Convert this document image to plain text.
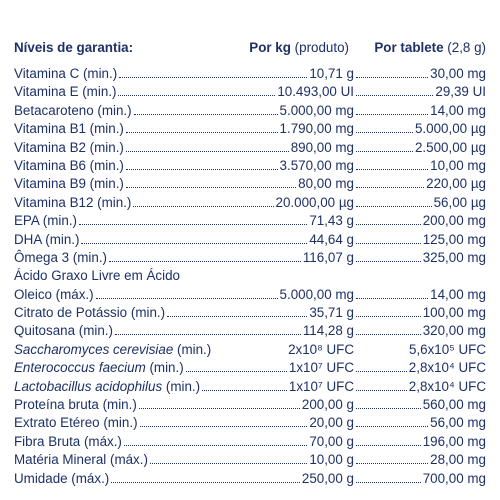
Níveis de garantia:	Por kg (produto)	Por tablete (2,8 g)
Vitamina C (min.)	10,71 g	30,00 mg
Vitamina E (min.)	10.493,00 UI	29,39 UI
Betacaroteno (min.)	5.000,00 mg	14,00 mg
Vitamina B1 (min.)	1.790,00 mg	5.000,00 µg
Vitamina B2 (min.)	890,00 mg	2.500,00 µg
Vitamina B6 (min.)	3.570,00 mg	10,00 mg
Vitamina B9 (min.)	80,00 mg	220,00 µg
Vitamina B12 (min.)	20.000,00 µg	56,00 µg
EPA (min.)	71,43 g	200,00 mg
DHA (min.)	44,64 g	125,00 mg
Ômega 3 (min.)	116,07 g	325,00 mg
Ácido Graxo Livre em Ácido
Oleico (máx.)	5.000,00 mg	14,00 mg
Citrato de Potássio (min.)	35,71 g	100,00 mg
Quitosana (min.)	114,28 g	320,00 mg
Saccharomyces cerevisiae (min.)	2x10⁸ UFC	5,6x10⁵ UFC
Enterococcus faecium (min.)	1x10⁷ UFC	2,8x10⁴ UFC
Lactobacillus acidophilus (min.)	1x10⁷ UFC	2,8x10⁴ UFC
Proteína bruta (min.)	200,00 g	560,00 mg
Extrato Etéreo (min.)	20,00 g	56,00 mg
Fibra Bruta (máx.)	70,00 g	196,00 mg
Matéria Mineral (máx.)	10,00 g	28,00 mg
Umidade (máx.)	250,00 g	700,00 mg
